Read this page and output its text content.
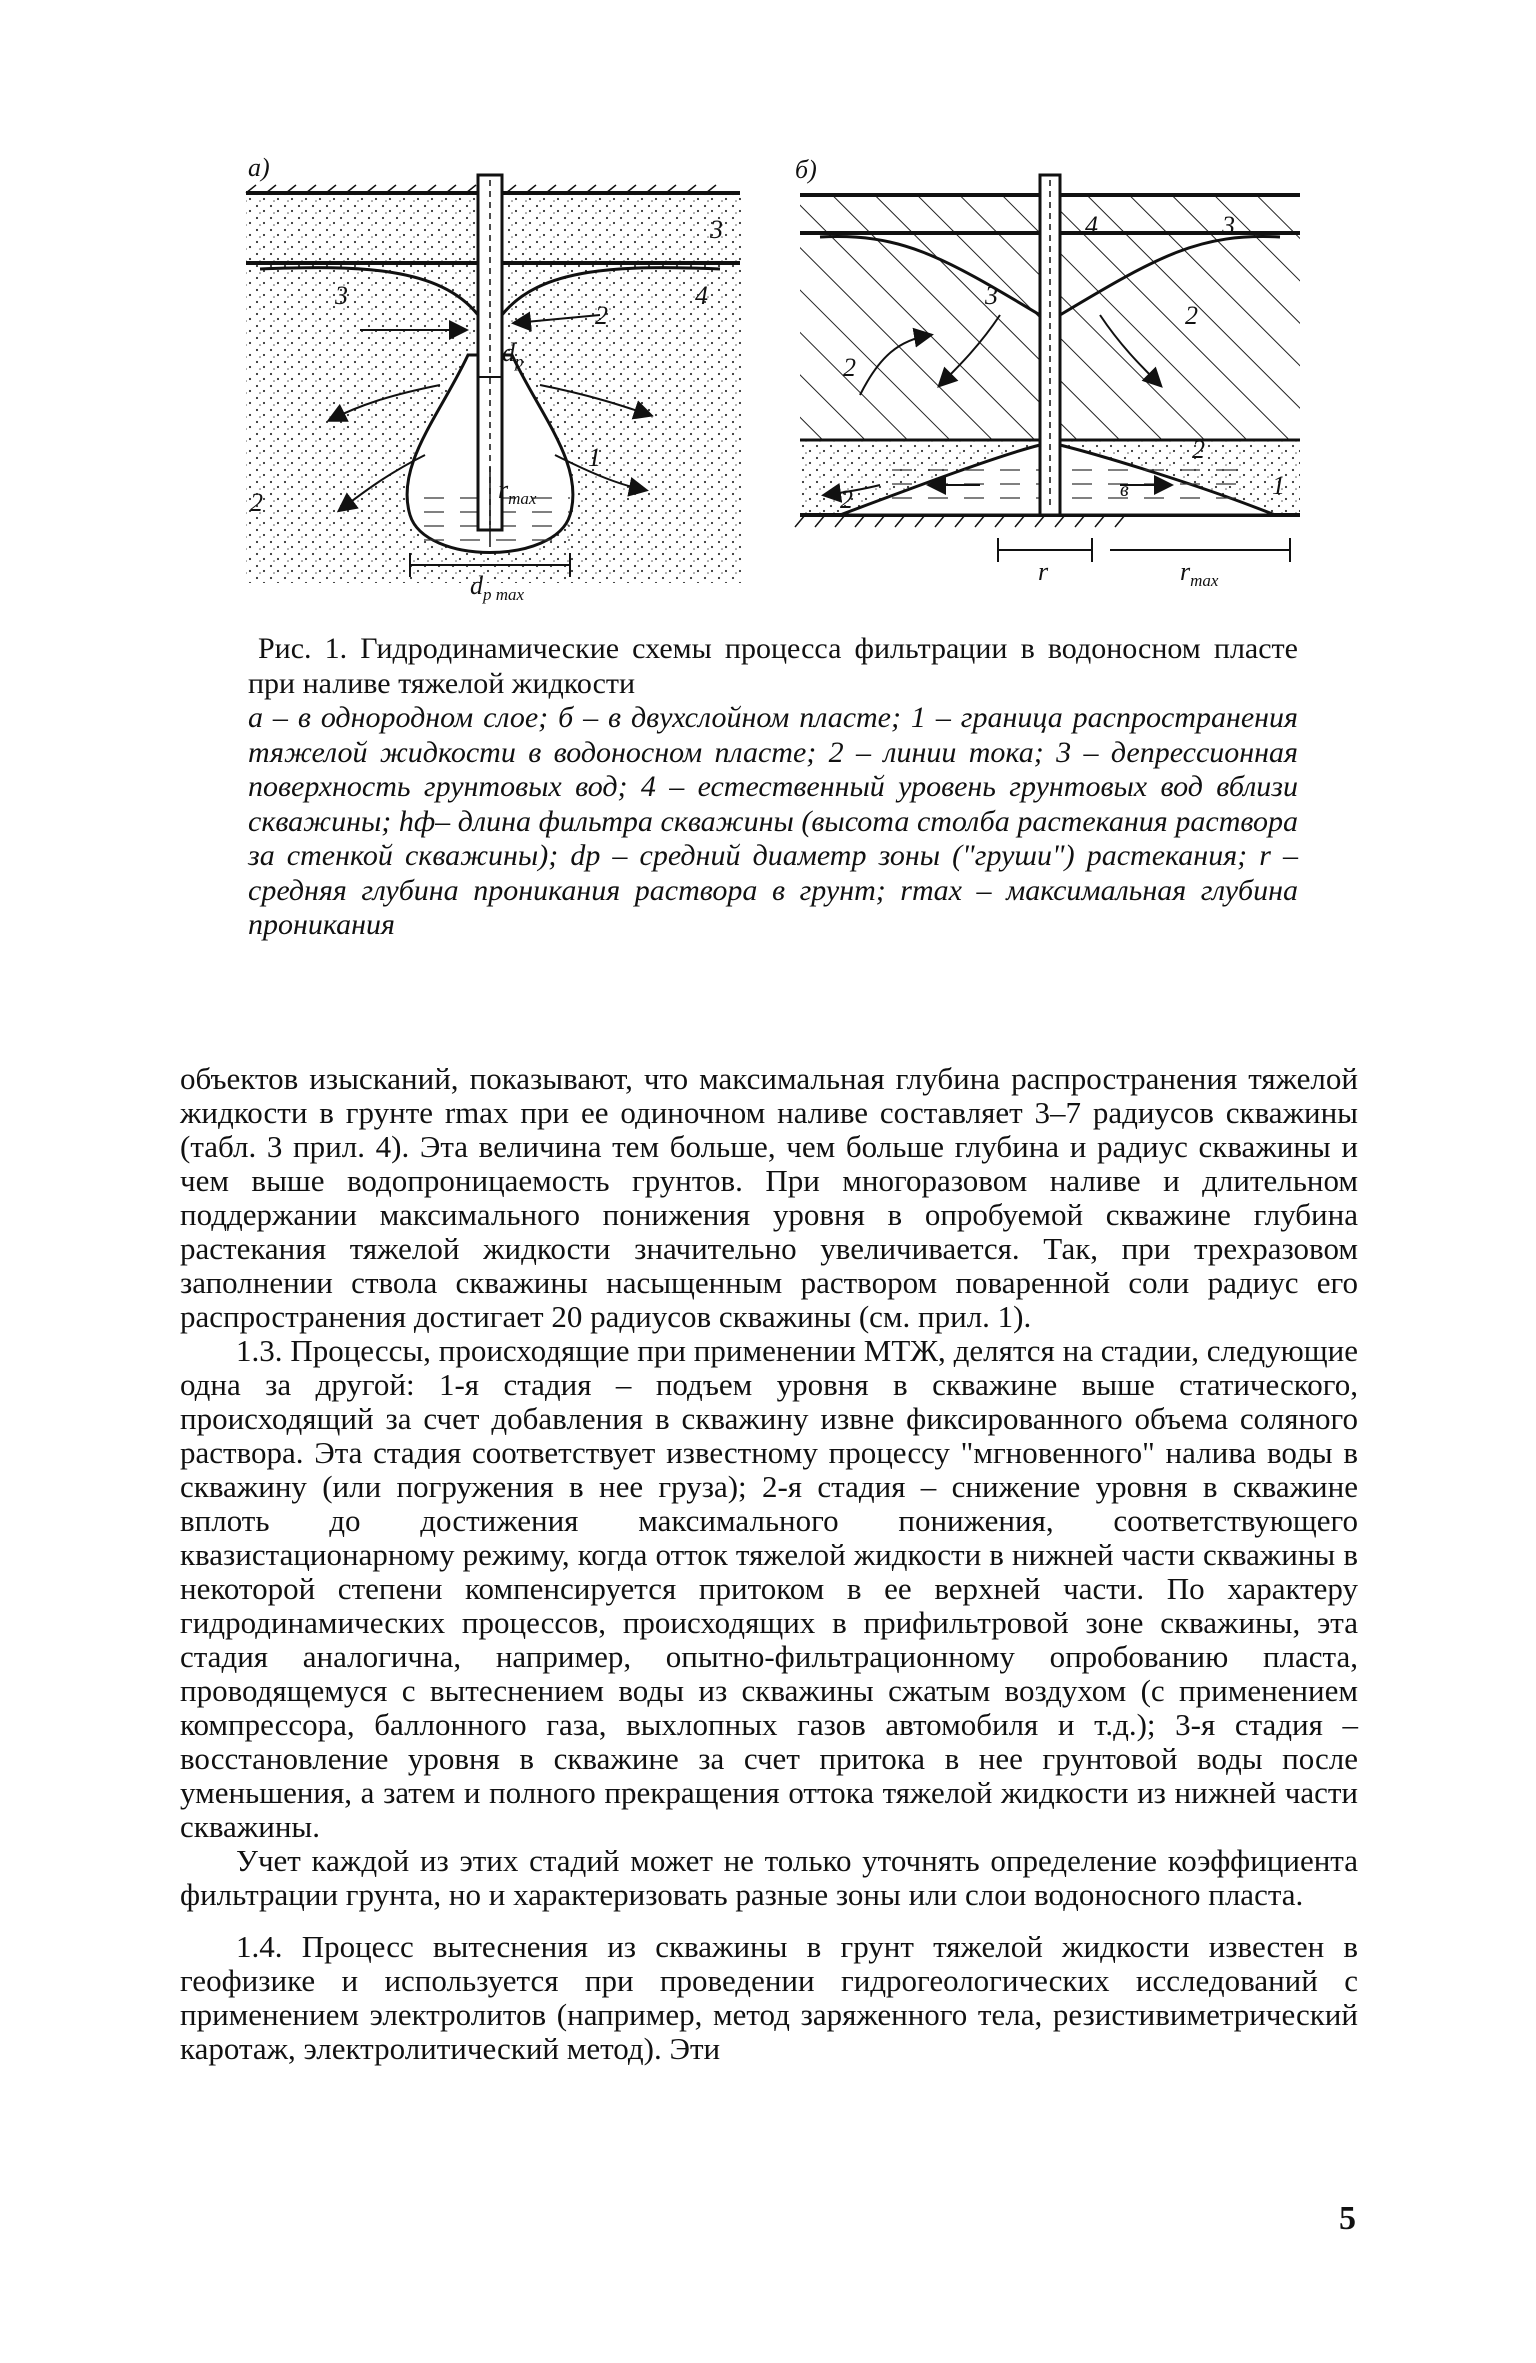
а)
3
3	4
2
$d_р$
1
2	$r_{max}$
$d_{р max}$
б)
4	3
3
2
2
2
2	1
в
r	$r_{max}$

Рис. 1. Гидродинамические схемы процесса фильтрации в водоносном пласте при наливе тяжелой жидкости

а – в однородном слое; б – в двухслойном пласте; 1 – граница распространения тяжелой жидкости в водоносном пласте; 2 – линии тока; 3 – депрессионная поверхность грунтовых вод; 4 – естественный уровень грунтовых вод вблизи скважины; hф– длина фильтра скважины (высота столба растекания раствора за стенкой скважины); dр – средний диаметр зоны ("груши") растекания; r – средняя глубина проникания раствора в грунт; rmax – максимальная глубина проникания

объектов изысканий, показывают, что максимальная глубина распространения тяжелой жидкости в грунте rmax при ее одиночном наливе составляет 3–7 радиусов скважины (табл. 3 прил. 4). Эта величина тем больше, чем больше глубина и радиус скважины и чем выше водопроницаемость грунтов. При многоразовом наливе и длительном поддержании максимального понижения уровня в опробуемой скважине глубина растекания тяжелой жидкости значительно увеличивается. Так, при трехразовом заполнении ствола скважины насыщенным раствором поваренной соли радиус его распространения достигает 20 радиусов скважины (см. прил. 1).

1.3. Процессы, происходящие при применении МТЖ, делятся на стадии, следующие одна за другой: 1-я стадия – подъем уровня в скважине выше статического, происходящий за счет добавления в скважину извне фиксированного объема соляного раствора. Эта стадия соответствует известному процессу "мгновенного" налива воды в скважину (или погружения в нее груза); 2-я стадия – снижение уровня в скважине вплоть до достижения максимального понижения, соответствующего квазистационарному режиму, когда отток тяжелой жидкости в нижней части скважины в некоторой степени компенсируется притоком в ее верхней части. По характеру гидродинамических процессов, происходящих в прифильтровой зоне скважины, эта стадия аналогична, например, опытно-фильтрационному опробованию пласта, проводящемуся с вытеснением воды из скважины сжатым воздухом (с применением компрессора, баллонного газа, выхлопных газов автомобиля и т.д.); 3-я стадия – восстановление уровня в скважине за счет притока в нее грунтовой воды после уменьшения, а затем и полного прекращения оттока тяжелой жидкости из нижней части скважины.

Учет каждой из этих стадий может не только уточнять определение коэффициента фильтрации грунта, но и характеризовать разные зоны или слои водоносного пласта.

1.4. Процесс вытеснения из скважины в грунт тяжелой жидкости известен в геофизике и используется при проведении гидрогеологических исследований с применением электролитов (например, метод заряженного тела, резистивиметрический каротаж, электролитический метод). Эти

5
